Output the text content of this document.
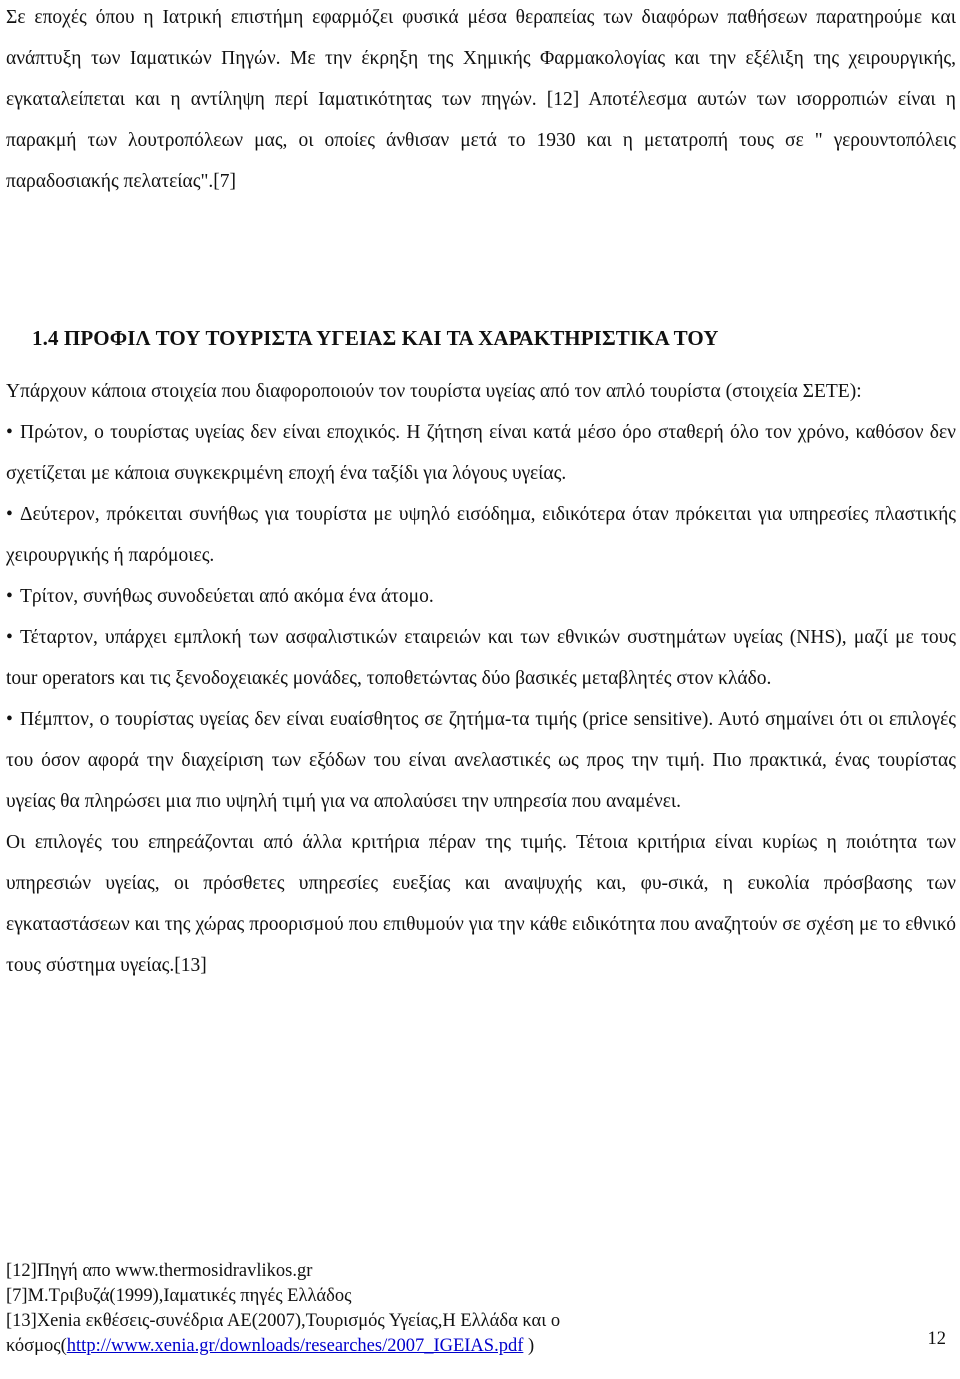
Σε εποχές όπου η Ιατρική επιστήμη εφαρμόζει φυσικά μέσα θεραπείας των διαφόρων παθήσεων παρατηρούμε και ανάπτυξη των Ιαματικών Πηγών. Με την έκρηξη της Χημικής Φαρμακολογίας και την εξέλιξη της χειρουργικής, εγκαταλείπεται και η αντίληψη περί Ιαματικότητας των πηγών. [12] Αποτέλεσμα αυτών των ισορροπιών είναι η παρακμή των λουτροπόλεων μας, οι οποίες άνθισαν μετά το 1930 και η μετατροπή τους σε " γερουντοπόλεις παραδοσιακής πελατείας".[7]

1.4 ΠΡΟΦΙΛ ΤΟΥ ΤΟΥΡΙΣΤΑ ΥΓΕΙΑΣ ΚΑΙ ΤΑ ΧΑΡΑΚΤΗΡΙΣΤΙΚΑ ΤΟΥ

Υπάρχουν κάποια στοιχεία που διαφοροποιούν τον τουρίστα υγείας από τον απλό τουρίστα (στοιχεία ΣΕΤΕ):

• Πρώτον, ο τουρίστας υγείας δεν είναι εποχικός. Η ζήτηση είναι κατά μέσο όρο σταθερή όλο τον χρόνο, καθόσον δεν σχετίζεται με κάποια συγκεκριμένη εποχή ένα ταξίδι για λόγους υγείας.

• Δεύτερον, πρόκειται συνήθως για τουρίστα με υψηλό εισόδημα, ειδικότερα όταν πρόκειται για υπηρεσίες πλαστικής χειρουργικής ή παρόμοιες.

• Τρίτον, συνήθως συνοδεύεται από ακόμα ένα άτομο.

• Τέταρτον, υπάρχει εμπλοκή των ασφαλιστικών εταιρειών και των εθνικών συστημάτων υγείας (NHS), μαζί με τους tour operators και τις ξενοδοχειακές μονάδες, τοποθετώντας δύο βασικές μεταβλητές στον κλάδο.

• Πέμπτον, ο τουρίστας υγείας δεν είναι ευαίσθητος σε ζητήμα-τα τιμής (price sensitive). Αυτό σημαίνει ότι οι επιλογές του όσον αφορά την διαχείριση των εξόδων του είναι ανελαστικές ως προς την τιμή. Πιο πρακτικά, ένας τουρίστας υγείας θα πληρώσει μια πιο υψηλή τιμή για να απολαύσει την υπηρεσία που αναμένει.

Οι επιλογές του επηρεάζονται από άλλα κριτήρια πέραν της τιμής. Τέτοια κριτήρια είναι κυρίως η ποιότητα των υπηρεσιών υγείας, οι πρόσθετες υπηρεσίες ευεξίας και αναψυχής και, φυ-σικά, η ευκολία πρόσβασης των εγκαταστάσεων και της χώρας προορισμού που επιθυμούν για την κάθε ειδικότητα που αναζητούν σε σχέση με το εθνικό τους σύστημα υγείας.[13]

[12]Πηγή απο www.thermosidravlikos.gr

[7]Μ.Τριβυζά(1999),Ιαματικές πηγές Ελλάδος

[13]Xenia εκθέσεις-συνέδρια ΑΕ(2007),Τουρισμός Υγείας,Η Ελλάδα και ο κόσμος(http://www.xenia.gr/downloads/researches/2007_IGEIAS.pdf )	12
